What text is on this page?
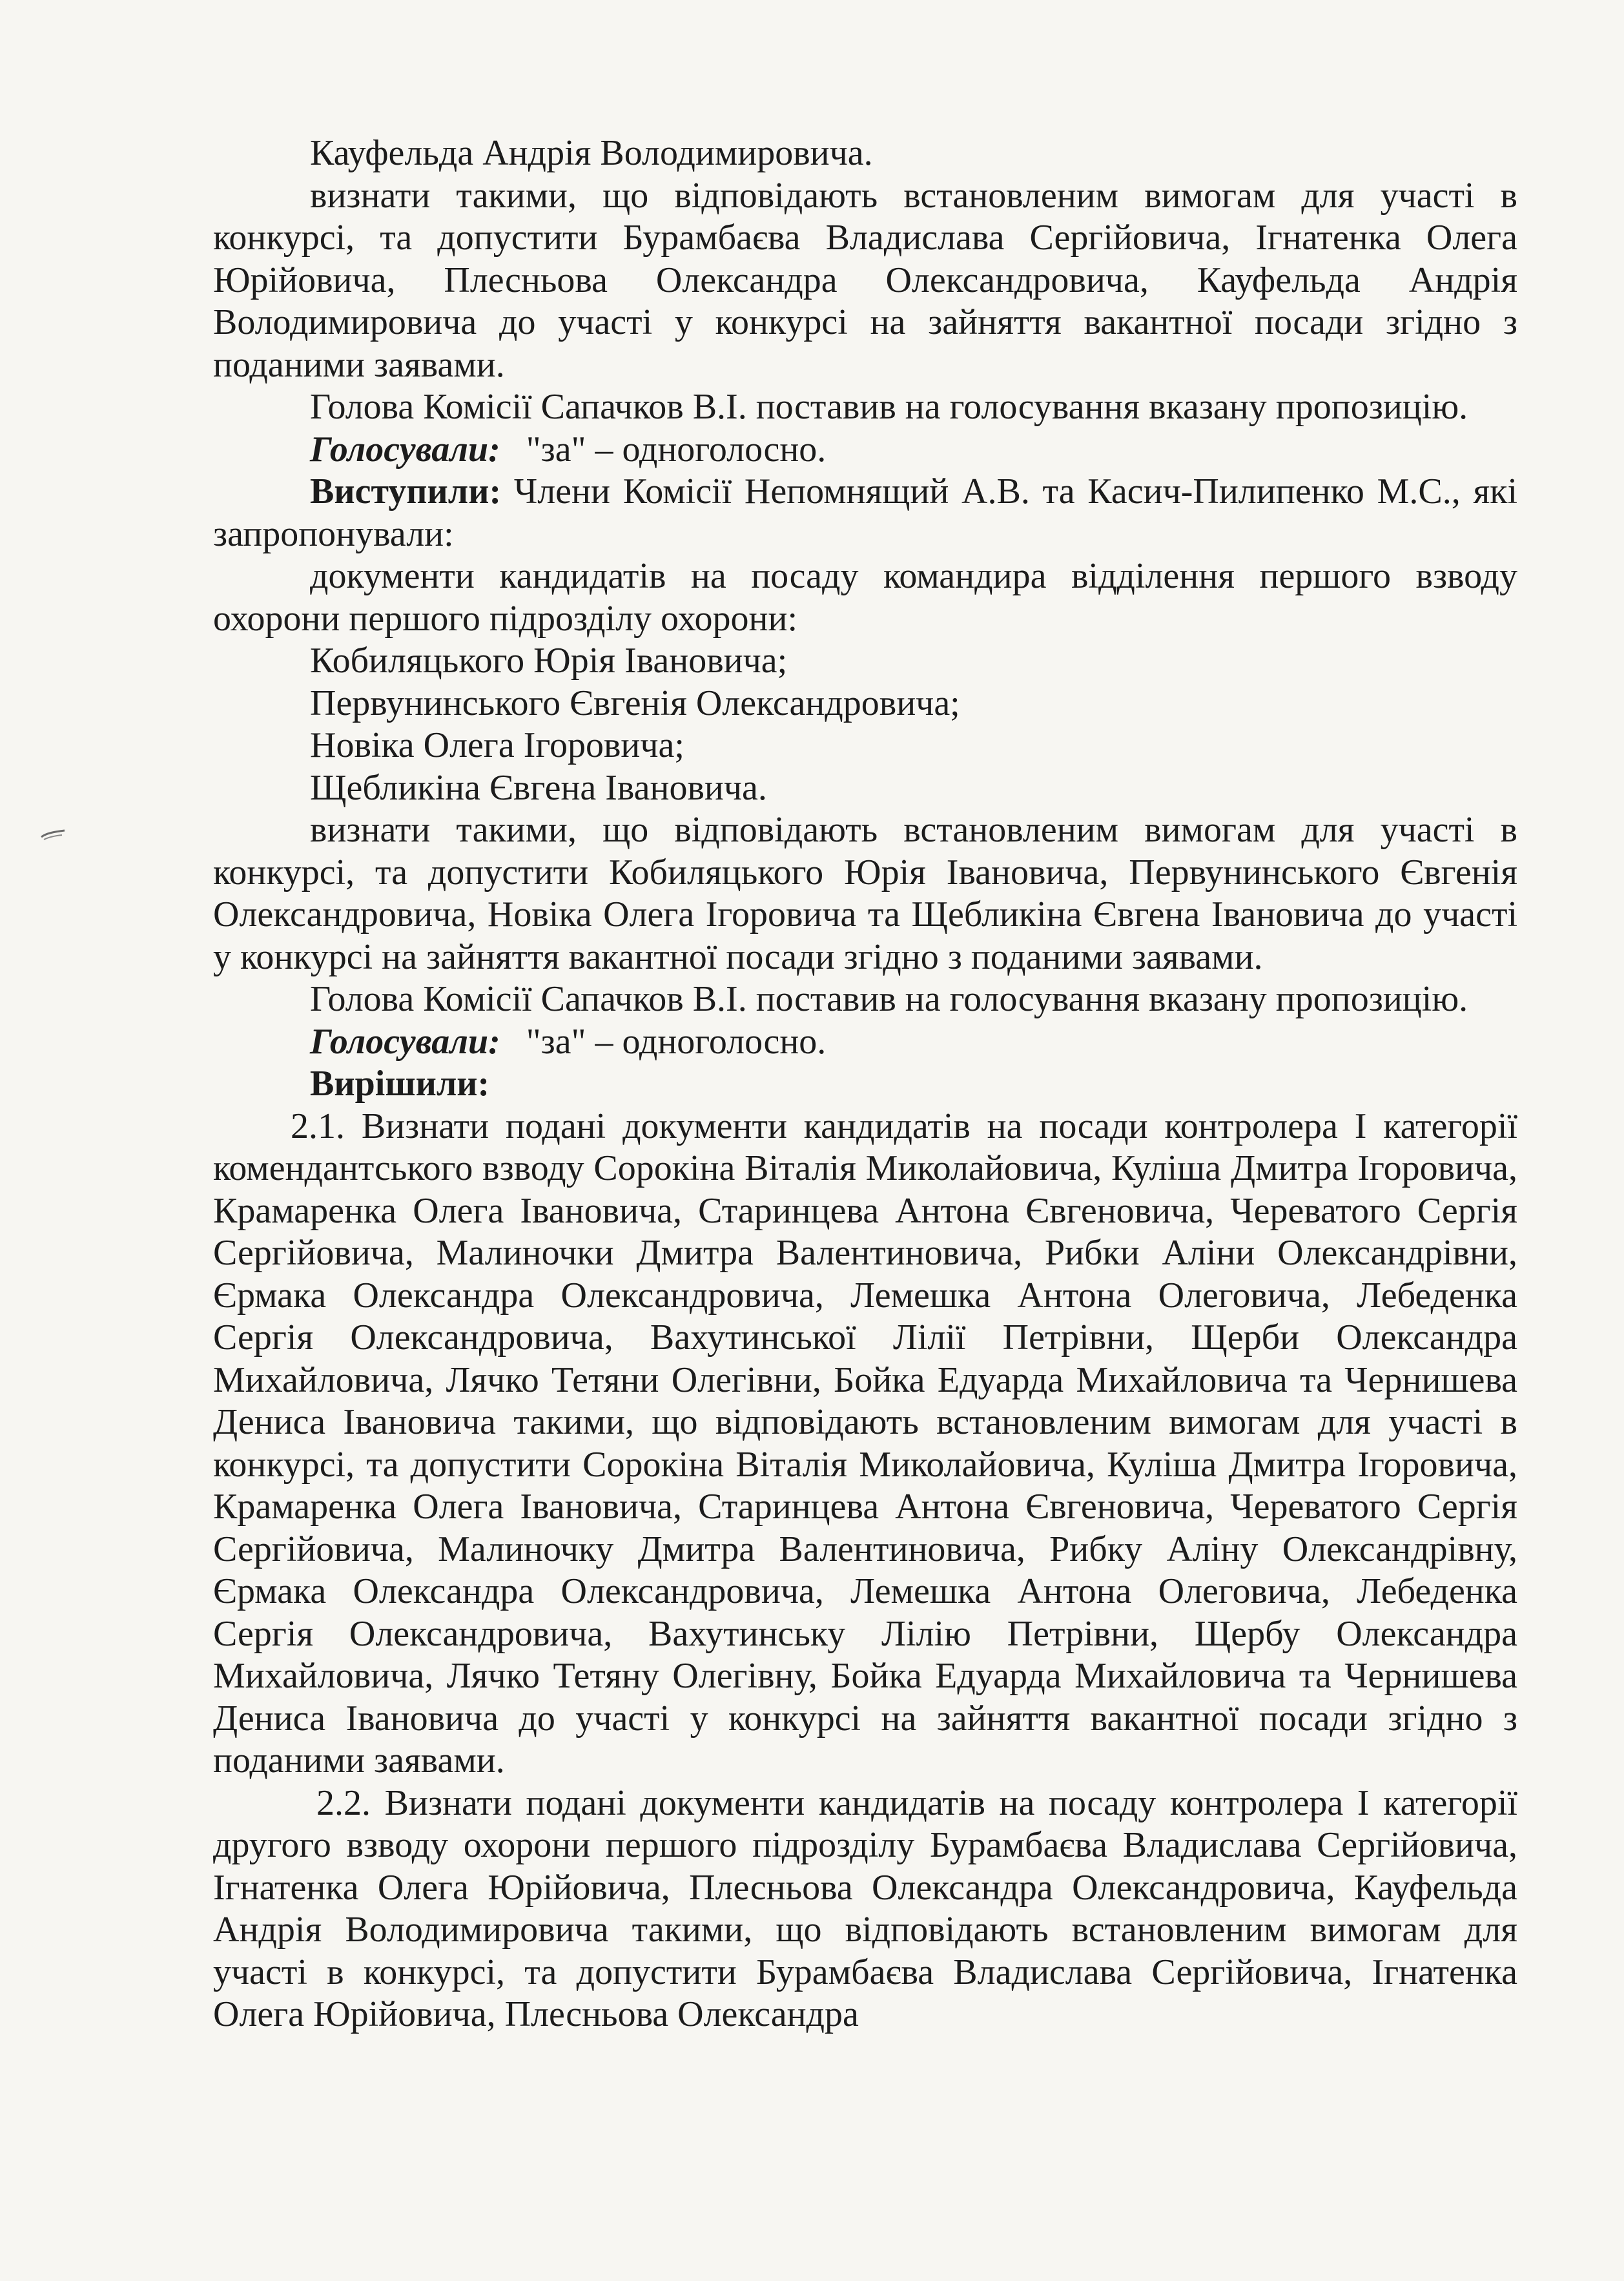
Кауфельда Андрія Володимировича.

визнати такими, що відповідають встановленим вимогам для участі в конкурсі, та допустити Бурамбаєва Владислава Сергійовича, Ігнатенка Олега Юрійовича, Плесньова Олександра Олександровича, Кауфельда Андрія Володимировича до участі у конкурсі на зайняття вакантної посади згідно з поданими заявами.

Голова Комісії Сапачков В.І. поставив на голосування вказану пропозицію.

Голосували: "за" – одноголосно.

Виступили: Члени Комісії Непомнящий А.В. та Касич-Пилипенко М.С., які запропонували:

документи кандидатів на посаду командира відділення першого взводу охорони першого підрозділу охорони:

Кобиляцького Юрія Івановича;

Первунинського Євгенія Олександровича;

Новіка Олега Ігоровича;

Щебликіна Євгена Івановича.

визнати такими, що відповідають встановленим вимогам для участі в конкурсі, та допустити Кобиляцького Юрія Івановича, Первунинського Євгенія Олександровича, Новіка Олега Ігоровича та Щебликіна Євгена Івановича до участі у конкурсі на зайняття вакантної посади згідно з поданими заявами.

Голова Комісії Сапачков В.І. поставив на голосування вказану пропозицію.

Голосували: "за" – одноголосно.

Вирішили:

2.1. Визнати подані документи кандидатів на посади контролера І категорії комендантського взводу Сорокіна Віталія Миколайовича, Куліша Дмитра Ігоровича, Крамаренка Олега Івановича, Старинцева Антона Євгеновича, Череватого Сергія Сергійовича, Малиночки Дмитра Валентиновича, Рибки Аліни Олександрівни, Єрмака Олександра Олександровича, Лемешка Антона Олеговича, Лебеденка Сергія Олександровича, Вахутинської Лілії Петрівни, Щерби Олександра Михайловича, Лячко Тетяни Олегівни, Бойка Едуарда Михайловича та Чернишева Дениса Івановича такими, що відповідають встановленим вимогам для участі в конкурсі, та допустити Сорокіна Віталія Миколайовича, Куліша Дмитра Ігоровича, Крамаренка Олега Івановича, Старинцева Антона Євгеновича, Череватого Сергія Сергійовича, Малиночку Дмитра Валентиновича, Рибку Аліну Олександрівну, Єрмака Олександра Олександровича, Лемешка Антона Олеговича, Лебеденка Сергія Олександровича, Вахутинську Лілію Петрівни, Щербу Олександра Михайловича, Лячко Тетяну Олегівну, Бойка Едуарда Михайловича та Чернишева Дениса Івановича до участі у конкурсі на зайняття вакантної посади згідно з поданими заявами.

2.2. Визнати подані документи кандидатів на посаду контролера І категорії другого взводу охорони першого підрозділу Бурамбаєва Владислава Сергійовича, Ігнатенка Олега Юрійовича, Плесньова Олександра Олександровича, Кауфельда Андрія Володимировича такими, що відповідають встановленим вимогам для участі в конкурсі, та допустити Бурамбаєва Владислава Сергійовича, Ігнатенка Олега Юрійовича, Плесньова Олександра
